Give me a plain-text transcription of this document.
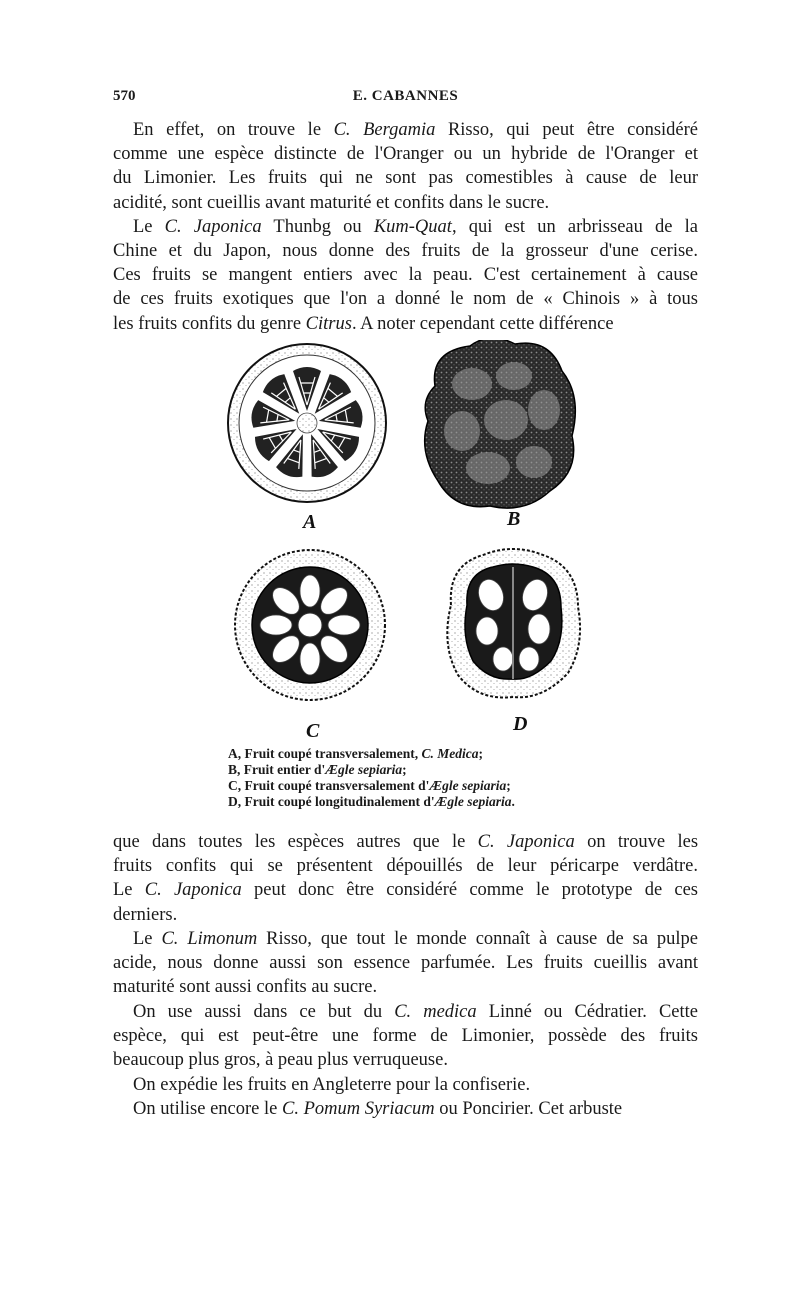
570	E. CABANNES
En effet, on trouve le C. Bergamia Risso, qui peut être considéré
comme une espèce distincte de l'Oranger ou un hybride de l'Oranger et
du Limonier. Les fruits qui ne sont pas comestibles à cause de leur
acidité, sont cueillis avant maturité et confits dans le sucre.
Le C. Japonica Thunbg ou Kum-Quat, qui est un arbrisseau de la
Chine et du Japon, nous donne des fruits de la grosseur d'une cerise.
Ces fruits se mangent entiers avec la peau. C'est certainement à cause
de ces fruits exotiques que l'on a donné le nom de « Chinois » à tous
les fruits confits du genre Citrus. A noter cependant cette différence
A	B
C	D
A, Fruit coupé transversalement, C. Medica;
B, Fruit entier d'Ægle sepiaria;
C, Fruit coupé transversalement d'Ægle sepiaria;
D, Fruit coupé longitudinalement d'Ægle sepiaria.
que dans toutes les espèces autres que le C. Japonica on trouve les
fruits confits qui se présentent dépouillés de leur péricarpe verdâtre.
Le C. Japonica peut donc être considéré comme le prototype de ces
derniers.
Le C. Limonum Risso, que tout le monde connaît à cause de sa pulpe
acide, nous donne aussi son essence parfumée. Les fruits cueillis avant
maturité sont aussi confits au sucre.
On use aussi dans ce but du C. medica Linné ou Cédratier. Cette
espèce, qui est peut-être une forme de Limonier, possède des fruits
beaucoup plus gros, à peau plus verruqueuse.
On expédie les fruits en Angleterre pour la confiserie.
On utilise encore le C. Pomum Syriacum ou Poncirier. Cet arbuste
